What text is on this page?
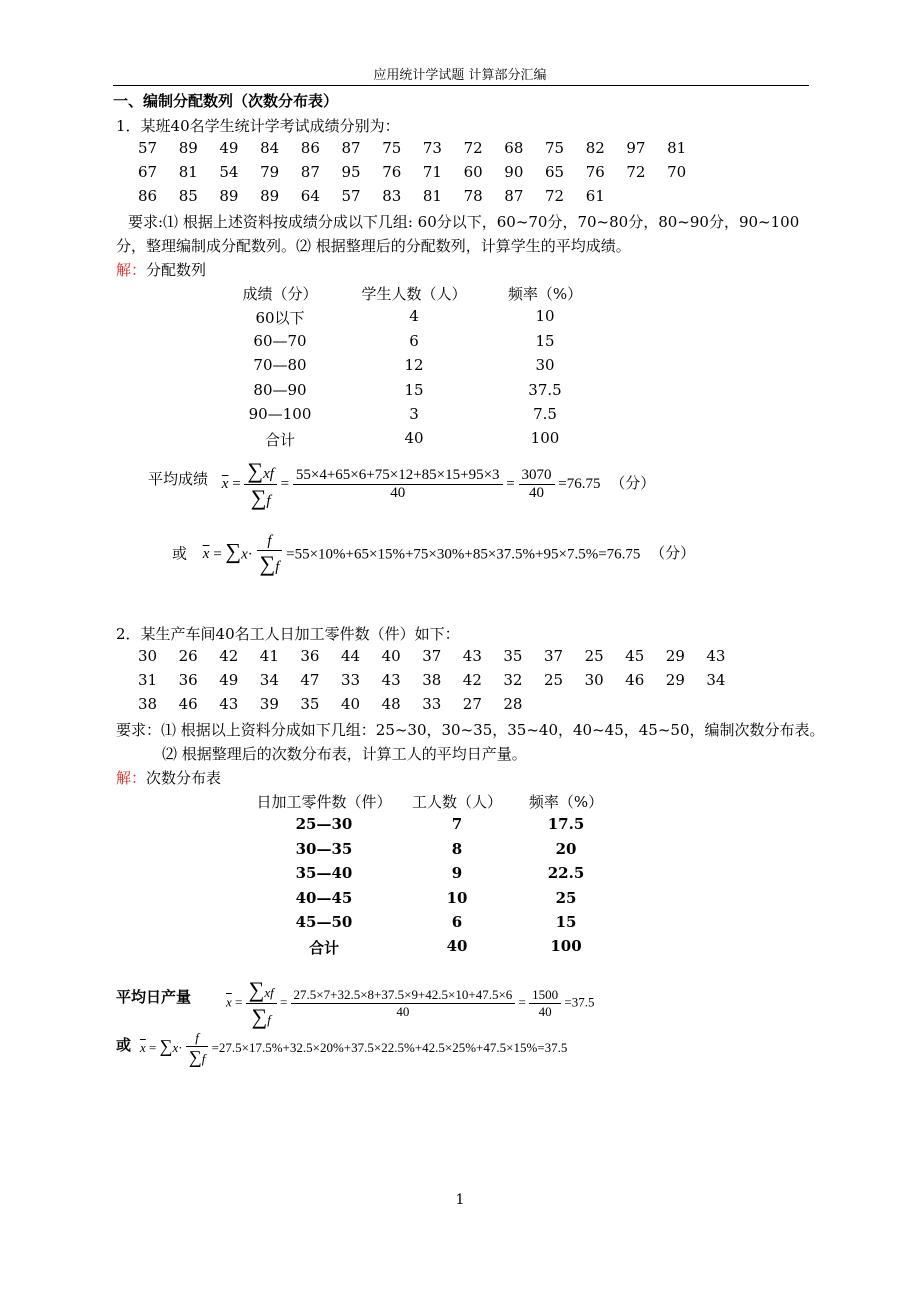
应用统计学试题 计算部分汇编
一、编制分配数列（次数分布表）
1．某班40名学生统计学考试成绩分别为：
57 89 49 84 86 87 75 73 72 68 75 82 97 81
67 81 54 79 87 95 76 71 60 90 65 76 72 70
86 85 89 89 64 57 83 81 78 87 72 61
要求:⑴ 根据上述资料按成绩分成以下几组: 60分以下，60~70分，70~80分，80~90分，90~100
分，整理编制成分配数列。⑵ 根据整理后的分配数列，计算学生的平均成绩。
解：分配数列
成绩（分）	学生人数（人）	频率（%）
60以下	4	10
60—70	6	15
70—80	12	30
80—90	15	37.5
90—100	3	7.5
合计	40	100
平均成绩 $\overline{x} = \frac{\sum xf}{\sum f} = \frac{55\times 4+65\times 6+75\times 12+85\times 15+95\times 3}{40} = \frac{3070}{40} =76.75$ （分）
或 $\overline{x} = \sum x\cdot \frac{f}{\sum f} =55\times 10\%+65\times 15\%+75\times 30\%+85\times 37.5\%+95\times 7.5\%=76.75$ （分）
2．某生产车间40名工人日加工零件数（件）如下：
30 26 42 41 36 44 40 37 43 35 37 25 45 29 43
31 36 49 34 47 33 43 38 42 32 25 30 46 29 34
38 46 43 39 35 40 48 33 27 28
要求：⑴ 根据以上资料分成如下几组：25~30，30~35，35~40，40~45，45~50，编制次数分布表。
⑵ 根据整理后的次数分布表，计算工人的平均日产量。
解：次数分布表
日加工零件数（件）	工人数（人）	频率（%）
25—30	7	17.5
30—35	8	20
35—40	9	22.5
40—45	10	25
45—50	6	15
合计	40	100
平均日产量	$\overline{x} = \frac{\sum xf}{\sum f} = \frac{27.5\times 7+32.5\times 8+37.5\times 9+42.5\times 10+47.5\times 6}{40} = \frac{1500}{40} =37.5$
或 $\overline{x} = \sum x\cdot \frac{f}{\sum f} =27.5\times 17.5\%+32.5\times 20\%+37.5\times 22.5\%+42.5\times 25\%+47.5\times 15\%=37.5$
1
